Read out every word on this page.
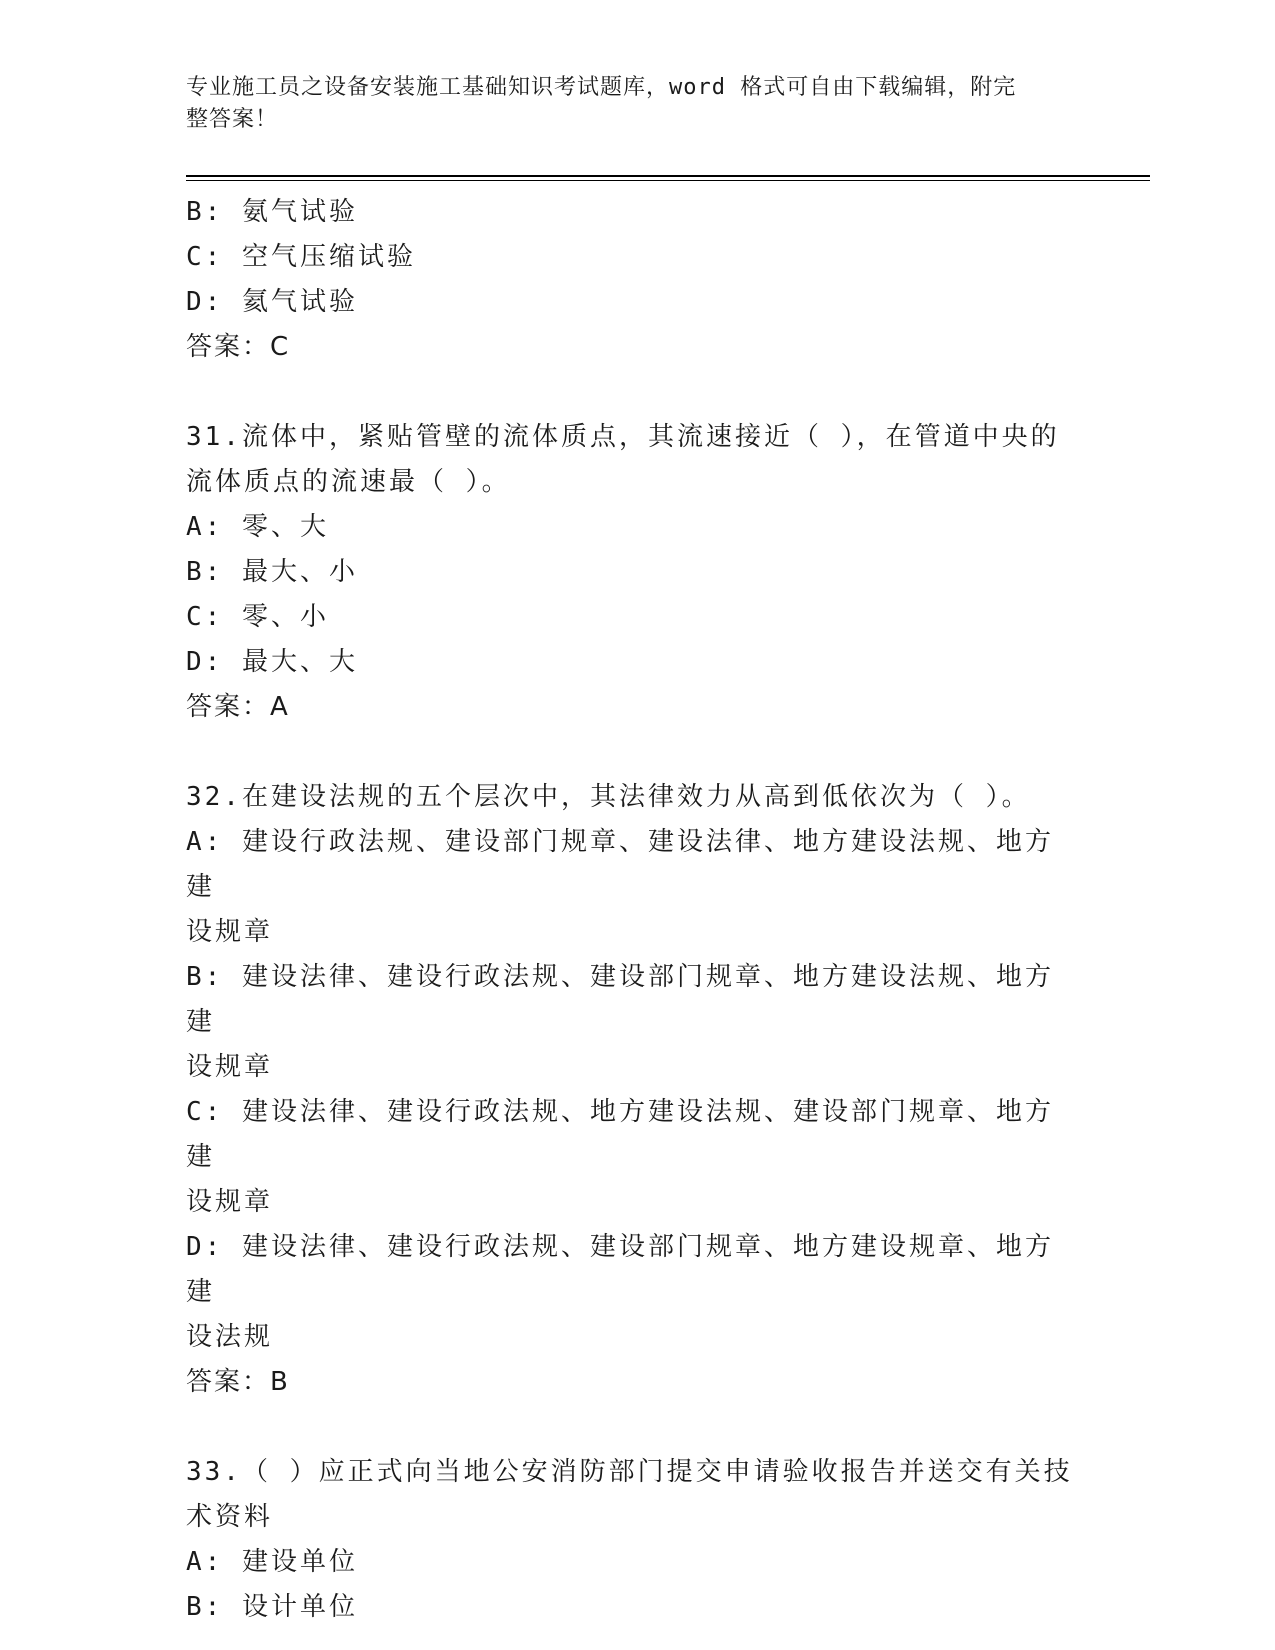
专业施工员之设备安装施工基础知识考试题库，word 格式可自由下载编辑，附完
整答案！
B: 氨气试验
C: 空气压缩试验
D: 氦气试验
答案：C
31.流体中，紧贴管壁的流体质点，其流速接近（ ），在管道中央的
流体质点的流速最（ ）。
A: 零、大
B: 最大、小
C: 零、小
D: 最大、大
答案：A
32.在建设法规的五个层次中，其法律效力从高到低依次为（ ）。
A: 建设行政法规、建设部门规章、建设法律、地方建设法规、地方建
设规章
B: 建设法律、建设行政法规、建设部门规章、地方建设法规、地方建
设规章
C: 建设法律、建设行政法规、地方建设法规、建设部门规章、地方建
设规章
D: 建设法律、建设行政法规、建设部门规章、地方建设规章、地方建
设法规
答案：B
33.（ ）应正式向当地公安消防部门提交申请验收报告并送交有关技
术资料
A: 建设单位
B: 设计单位
